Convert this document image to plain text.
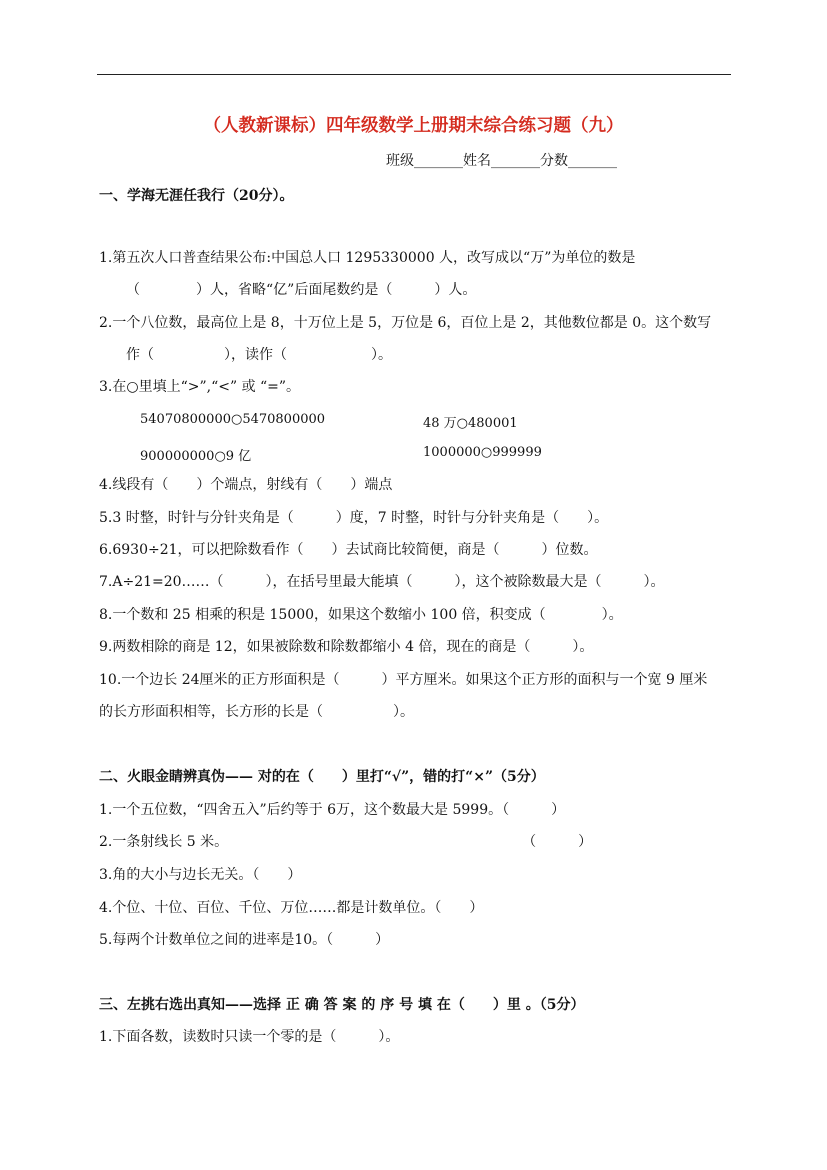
（人教新课标）四年级数学上册期末综合练习题（九）
班级_______姓名_______分数_______
一、学海无涯任我行（20分）。
1.第五次人口普查结果公布:中国总人口 1295330000 人，改写成以“万”为单位的数是
（　　　　）人，省略“亿”后面尾数约是（　　　）人。
2.一个八位数，最高位上是 8，十万位上是 5，万位是 6，百位上是 2，其他数位都是 0。这个数写
作（　　　　　），读作（　　　　　　）。
3.在○里填上“>”,“<” 或 “=”。
54070800000○5470800000	48 万○480001
900000000○9 亿	1000000○999999
4.线段有（　　）个端点，射线有（　　）端点
5.3 时整，时针与分针夹角是（　　　）度，7 时整，时针与分针夹角是（　　）。
6.6930÷21，可以把除数看作（　　）去试商比较简便，商是（　　　）位数。
7.A÷21=20……（　　　），在括号里最大能填（　　　），这个被除数最大是（　　　）。
8.一个数和 25 相乘的积是 15000，如果这个数缩小 100 倍，积变成（　　　　）。
9.两数相除的商是 12，如果被除数和除数都缩小 4 倍，现在的商是（　　　）。
10.一个边长 24厘米的正方形面积是（　　　）平方厘米。如果这个正方形的面积与一个宽 9 厘米
的长方形面积相等，长方形的长是（　　　　　）。
二、火眼金睛辨真伪—— 对的在（　　）里打“√”，错的打“×”（5分）
1.一个五位数，“四舍五入”后约等于 6万，这个数最大是 5999。（　　　）
2.一条射线长 5 米。　　　　　　　　　　　　　　　　　　　　　　（　　　）
3.角的大小与边长无关。（　　）
4.个位、十位、百位、千位、万位……都是计数单位。（　　）
5.每两个计数单位之间的进率是10。（　　　）
三、左挑右选出真知——选择 正 确 答 案 的 序 号 填 在（　　）里 。（5分）
1.下面各数，读数时只读一个零的是（　　　）。
